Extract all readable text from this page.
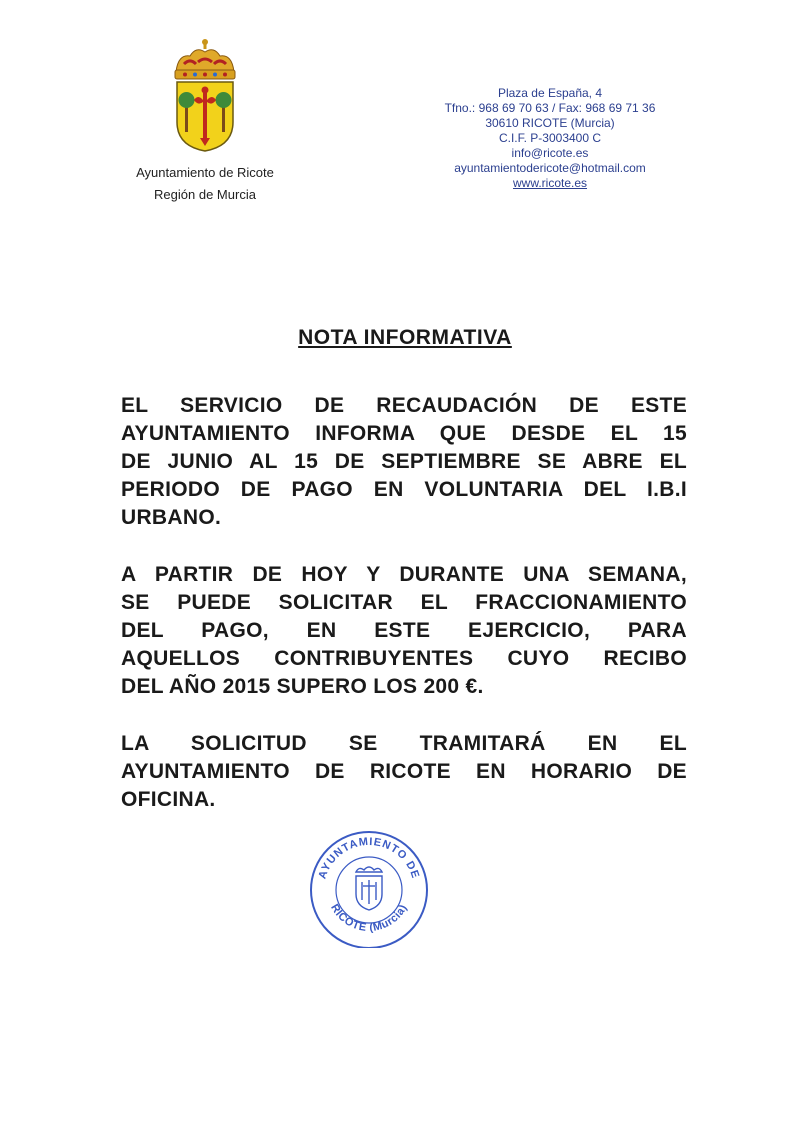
Ayuntamiento de Ricote
Región de Murcia
Plaza de España, 4
Tfno.: 968 69 70 63 / Fax: 968 69 71 36
30610 RICOTE (Murcia)
C.I.F. P-3003400 C
info@ricote.es
ayuntamientodericote@hotmail.com
www.ricote.es
NOTA INFORMATIVA
EL SERVICIO DE RECAUDACIÓN DE ESTE
AYUNTAMIENTO INFORMA QUE DESDE EL 15
DE JUNIO AL 15 DE SEPTIEMBRE SE ABRE EL
PERIODO DE PAGO EN VOLUNTARIA DEL I.B.I
URBANO.
A PARTIR DE HOY Y DURANTE UNA SEMANA,
SE PUEDE SOLICITAR EL FRACCIONAMIENTO
DEL PAGO, EN ESTE EJERCICIO, PARA
AQUELLOS CONTRIBUYENTES CUYO RECIBO
DEL AÑO 2015 SUPERO LOS 200 €.
LA SOLICITUD SE TRAMITARÁ EN EL
AYUNTAMIENTO DE RICOTE EN HORARIO DE
OFICINA.
AYUNTAMIENTO DE
RICOTE (Murcia)
